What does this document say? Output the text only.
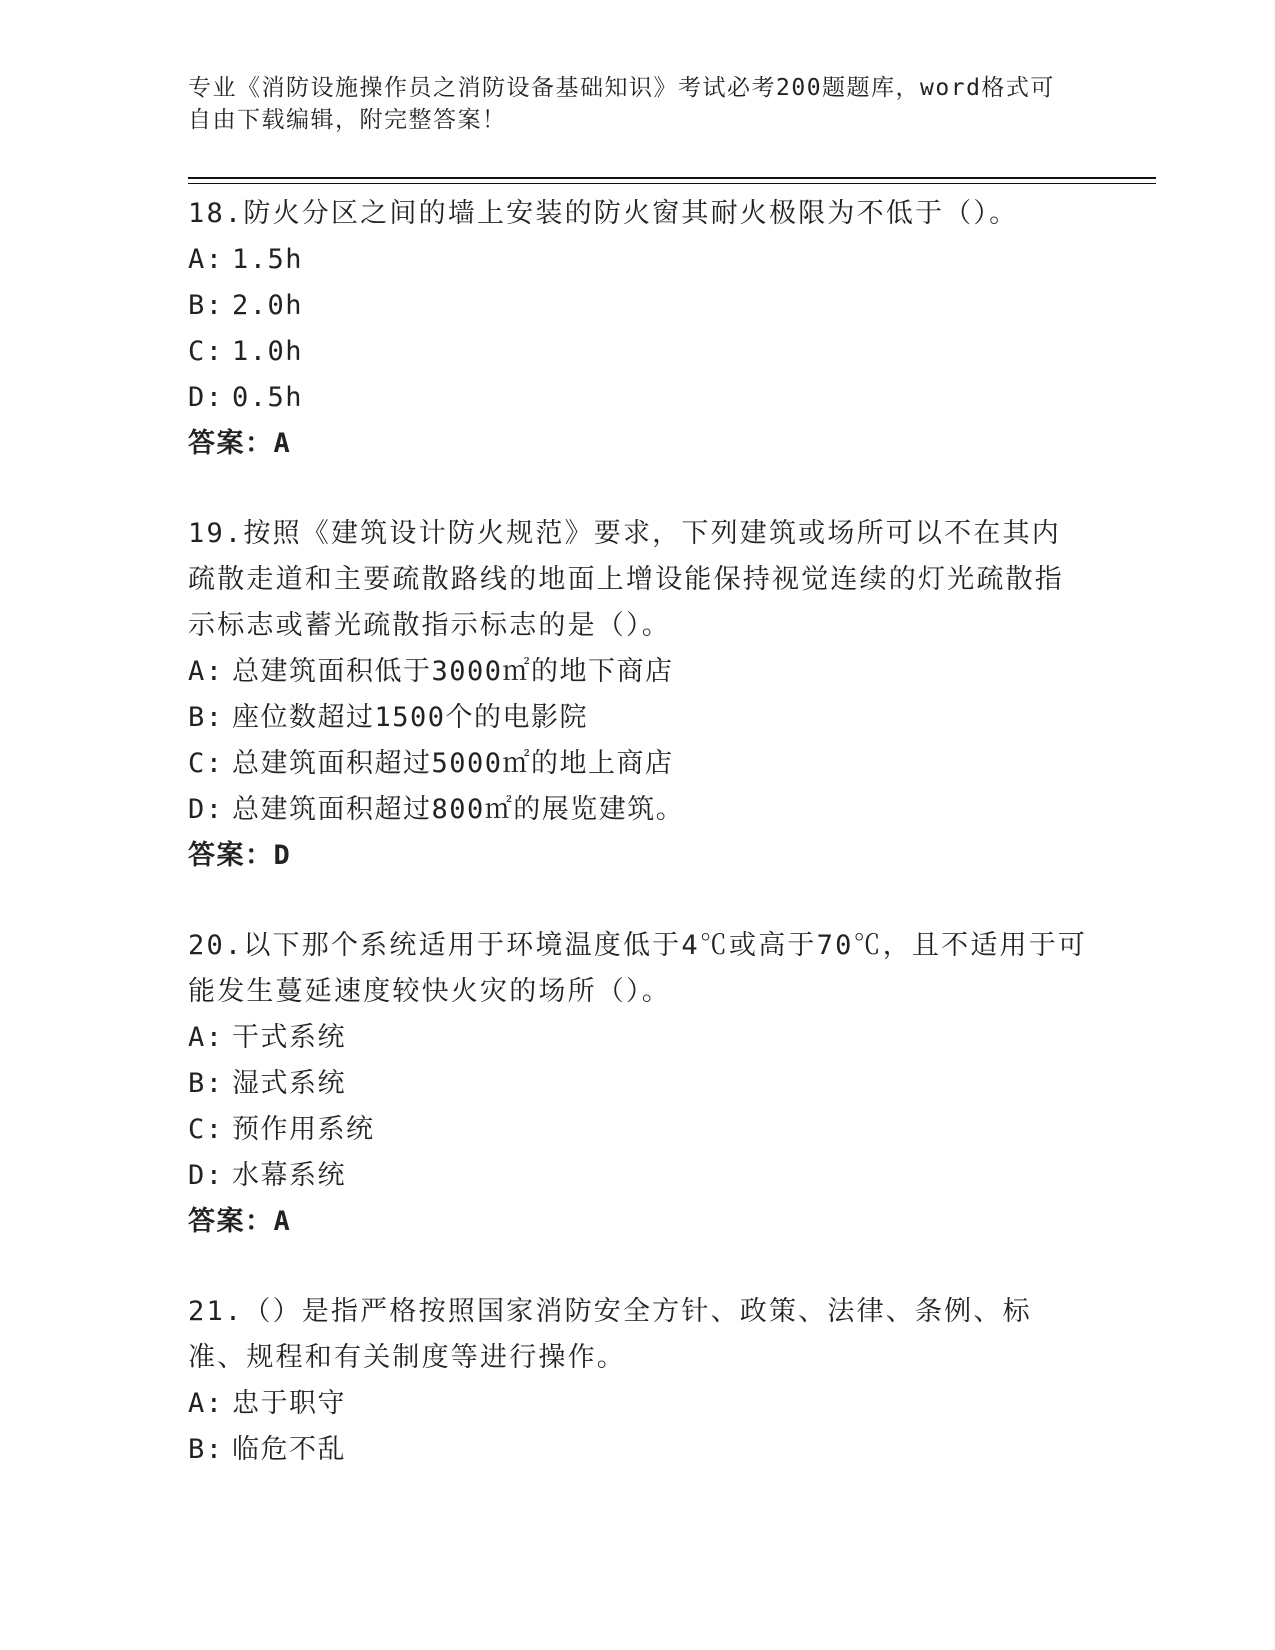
专业《消防设施操作员之消防设备基础知识》考试必考200题题库，word格式可
自由下载编辑，附完整答案！
18.防火分区之间的墙上安装的防火窗其耐火极限为不低于（）。
A: 1.5h
B: 2.0h
C: 1.0h
D: 0.5h
答案：A
19.按照《建筑设计防火规范》要求，下列建筑或场所可以不在其内疏散走道和主要疏散路线的地面上增设能保持视觉连续的灯光疏散指示标志或蓄光疏散指示标志的是（）。
A: 总建筑面积低于3000㎡的地下商店
B: 座位数超过1500个的电影院
C: 总建筑面积超过5000㎡的地上商店
D: 总建筑面积超过800㎡的展览建筑。
答案：D
20.以下那个系统适用于环境温度低于4℃或高于70℃，且不适用于可能发生蔓延速度较快火灾的场所（）。
A: 干式系统
B: 湿式系统
C: 预作用系统
D: 水幕系统
答案：A
21.（）是指严格按照国家消防安全方针、政策、法律、条例、标准、规程和有关制度等进行操作。
A: 忠于职守
B: 临危不乱
